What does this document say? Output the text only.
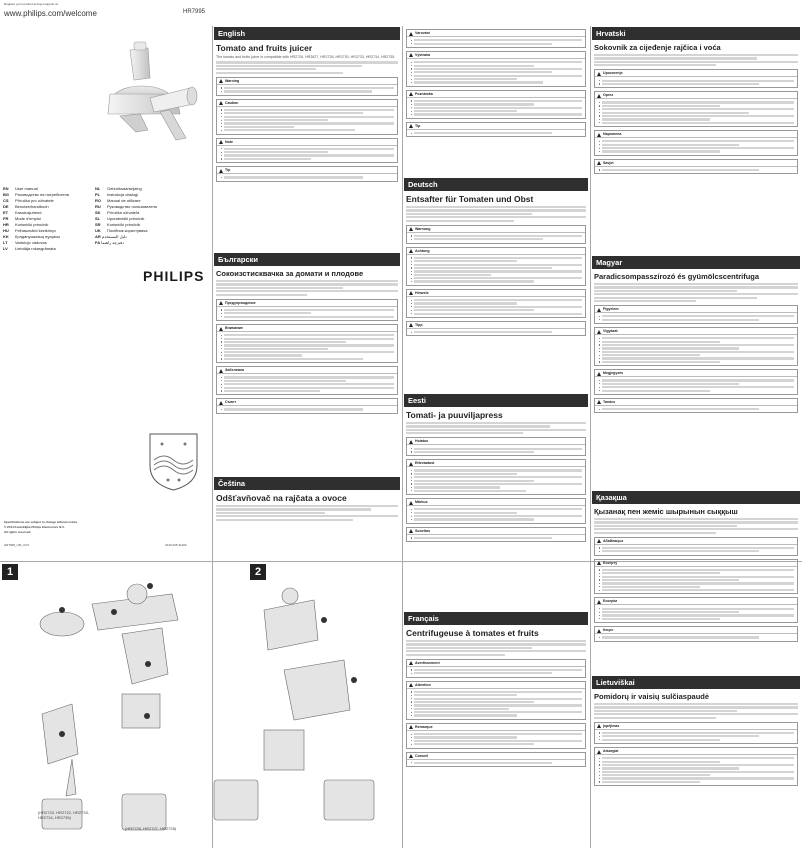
Register your product and get support at
www.philips.com/welcome	HR7995
EN User manual
BG Ръководство на потребителя
CS Příručka pro uživatele
DE Benutzerhandbuch
ET Kasutusjuhend
FR Mode d'emploi
HR Korisnički priručnik
HU Felhasználói kézikönyv
KK Қолданушының нұсқасы
LT Vartotojo vadovas
LV Lietotāja rokasgrāmata
NL Gebruiksaanwijzing
PL Instrukcja obsługi
RO Manual de utilizare
RU Руководство пользователя
SK Príručka užívateľa
SL Uporabniški priročnik
SR Korisnički priručnik
UK Посібник користувача
دليل المستخدم AR
دفترچه راهنما FA
PHILIPS
Specifications are subject to change without notice
© 2014 Koninklijke Philips Electronics N.V.
All rights reserved.
HR7995_UM_V3.0	3140 035 31193
1
(HR2720, HR2722, HR2733,
HR2734, HR2735)
2
(HR2726, HR2727, HR2728)
English
Tomato and fruits juicer
The tomato and fruits juicer is compatible with HR2726, HR2627, HR2728, HR2730, HR2733, HR2734, HR2735.
Warning
Caution
Note
Tip
Български
Сокоизстисквачка за домати и плодове
Предупреждение
Внимание
Забележка
Съвет
Čeština
Odšťavňovač na rajčata a ovoce
Varování
Výstraha
Poznámka
Tip
Deutsch
Entsafter für Tomaten und Obst
Warnung
Achtung
Hinweis
Tipp
Eesti
Tomati- ja puuviljapress
Hoiatus
Ettevaatust
Märkus
Soovitus
Français
Centrifugeuse à tomates et fruits
Avertissement
Attention
Remarque
Conseil
Hrvatski
Sokovnik za cijeđenje rajčica i voća
Upozorenje
Oprez
Napomena
Savjet
Magyar
Paradicsompasszírozó és gyümölcscentrifuga
Figyelem
Vigyázat
Megjegyzés
Tanács
Қазақша
Қызанақ пен жеміс шырынын сыққыш
Абайлаңыз
Ескерту
Ескерім
Кеңес
Lietuviškai
Pomidorų ir vaisių sulčiaspaudė
Įspėjimas
Atsargiai
